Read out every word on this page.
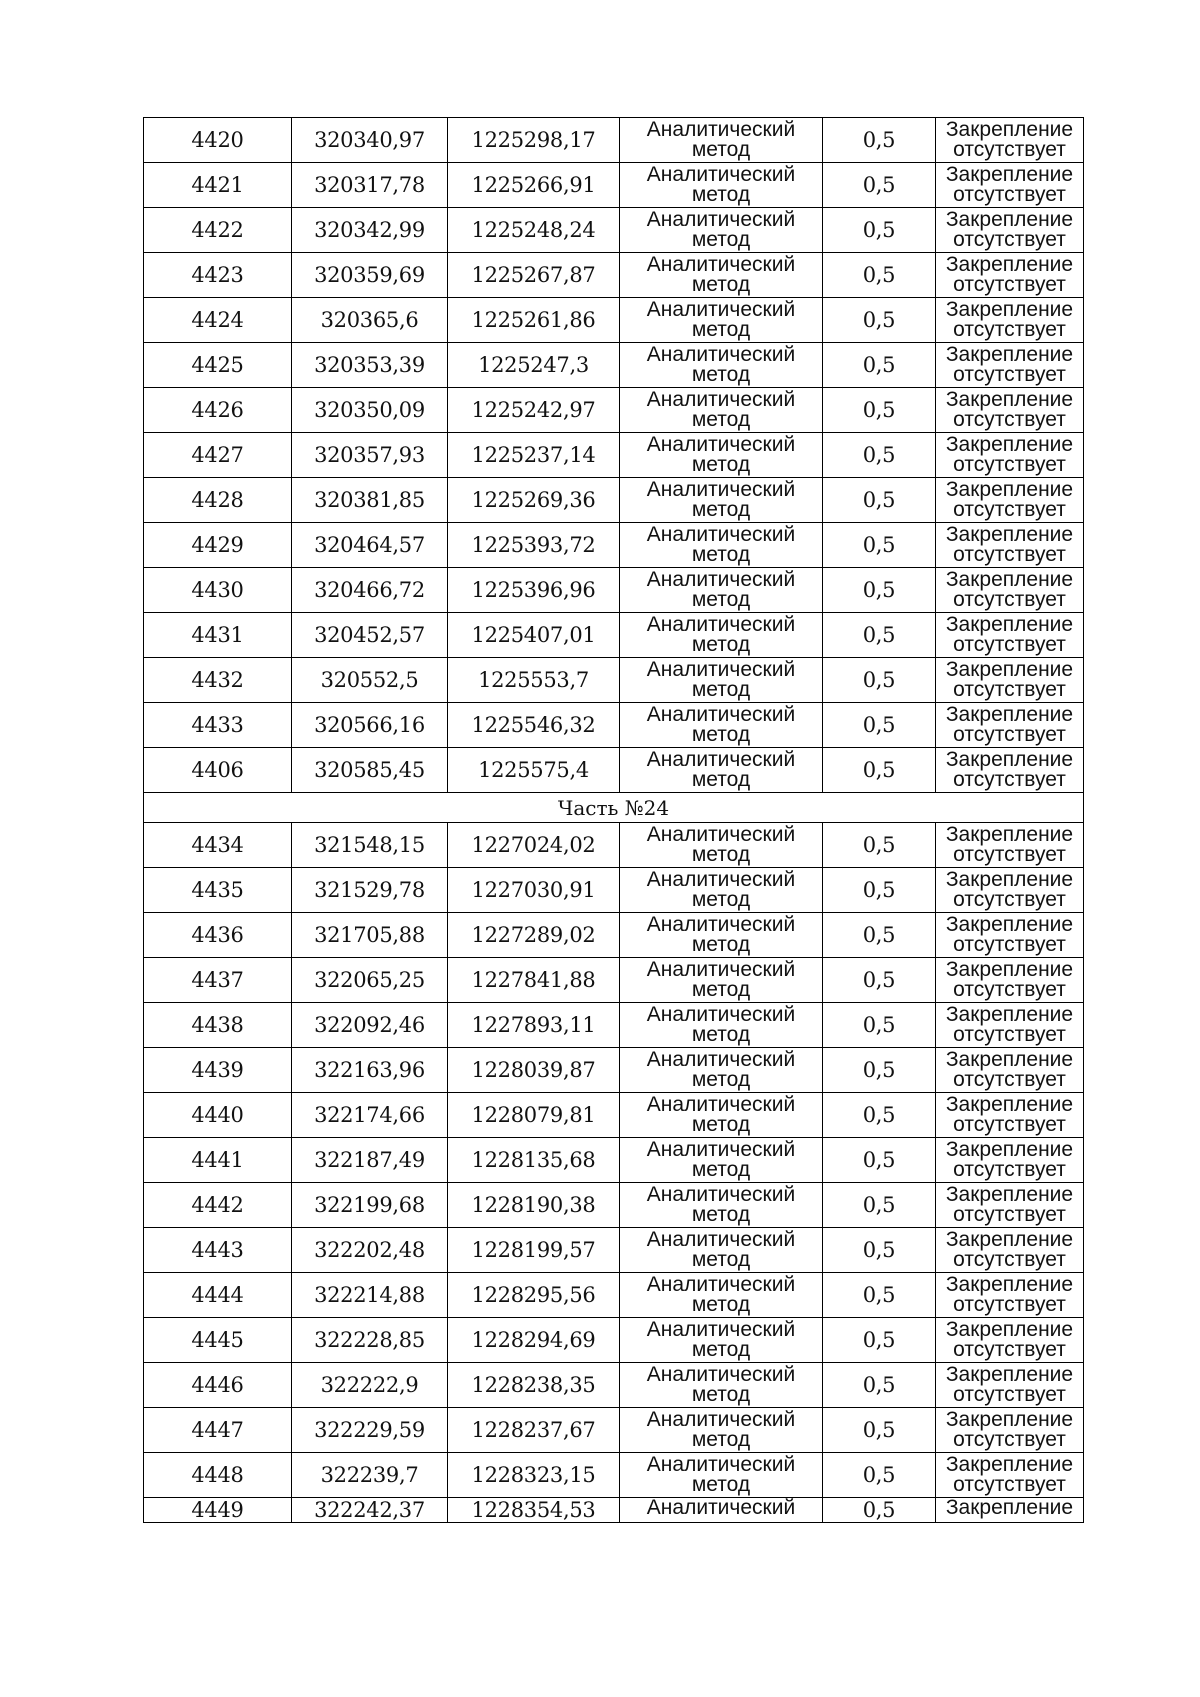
4420	320340,97	1225298,17	Аналитический
метод	0,5	Закрепление
отсутствует

4421	320317,78	1225266,91	Аналитический
метод	0,5	Закрепление
отсутствует

4422	320342,99	1225248,24	Аналитический
метод	0,5	Закрепление
отсутствует

4423	320359,69	1225267,87	Аналитический
метод	0,5	Закрепление
отсутствует

4424	320365,6	1225261,86	Аналитический
метод	0,5	Закрепление
отсутствует

4425	320353,39	1225247,3	Аналитический
метод	0,5	Закрепление
отсутствует

4426	320350,09	1225242,97	Аналитический
метод	0,5	Закрепление
отсутствует

4427	320357,93	1225237,14	Аналитический
метод	0,5	Закрепление
отсутствует

4428	320381,85	1225269,36	Аналитический
метод	0,5	Закрепление
отсутствует

4429	320464,57	1225393,72	Аналитический
метод	0,5	Закрепление
отсутствует

4430	320466,72	1225396,96	Аналитический
метод	0,5	Закрепление
отсутствует

4431	320452,57	1225407,01	Аналитический
метод	0,5	Закрепление
отсутствует

4432	320552,5	1225553,7	Аналитический
метод	0,5	Закрепление
отсутствует

4433	320566,16	1225546,32	Аналитический
метод	0,5	Закрепление
отсутствует

4406	320585,45	1225575,4	Аналитический
метод	0,5	Закрепление
отсутствует

Часть №24					
4434	321548,15	1227024,02	Аналитический
метод	0,5	Закрепление
отсутствует

4435	321529,78	1227030,91	Аналитический
метод	0,5	Закрепление
отсутствует

4436	321705,88	1227289,02	Аналитический
метод	0,5	Закрепление
отсутствует

4437	322065,25	1227841,88	Аналитический
метод	0,5	Закрепление
отсутствует

4438	322092,46	1227893,11	Аналитический
метод	0,5	Закрепление
отсутствует

4439	322163,96	1228039,87	Аналитический
метод	0,5	Закрепление
отсутствует

4440	322174,66	1228079,81	Аналитический
метод	0,5	Закрепление
отсутствует

4441	322187,49	1228135,68	Аналитический
метод	0,5	Закрепление
отсутствует

4442	322199,68	1228190,38	Аналитический
метод	0,5	Закрепление
отсутствует

4443	322202,48	1228199,57	Аналитический
метод	0,5	Закрепление
отсутствует

4444	322214,88	1228295,56	Аналитический
метод	0,5	Закрепление
отсутствует

4445	322228,85	1228294,69	Аналитический
метод	0,5	Закрепление
отсутствует

4446	322222,9	1228238,35	Аналитический
метод	0,5	Закрепление
отсутствует

4447	322229,59	1228237,67	Аналитический
метод	0,5	Закрепление
отсутствует

4448	322239,7	1228323,15	Аналитический
метод	0,5	Закрепление
отсутствует

4449	322242,37	1228354,53	Аналитический	0,5	Закрепление
